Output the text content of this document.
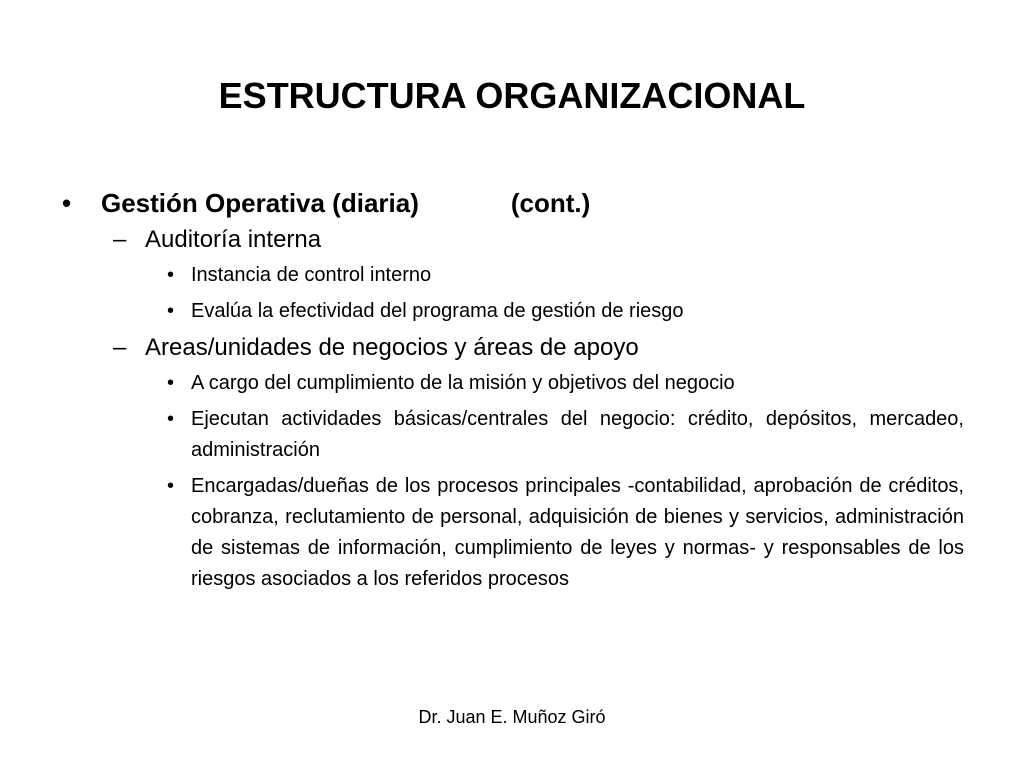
ESTRUCTURA ORGANIZACIONAL
• Gestión Operativa (diaria)	(cont.)
– Auditoría interna
• Instancia de control interno
• Evalúa la efectividad del programa de gestión de riesgo
– Areas/unidades de negocios y áreas de apoyo
• A cargo del cumplimiento de la misión y objetivos del negocio
• Ejecutan actividades básicas/centrales del negocio: crédito, depósitos, mercadeo, administración
• Encargadas/dueñas de los procesos principales -contabilidad, aprobación de créditos, cobranza, reclutamiento de personal, adquisición de bienes y servicios, administración de sistemas de información, cumplimiento de leyes y normas- y responsables de los riesgos asociados a los referidos procesos
Dr. Juan E. Muñoz Giró
